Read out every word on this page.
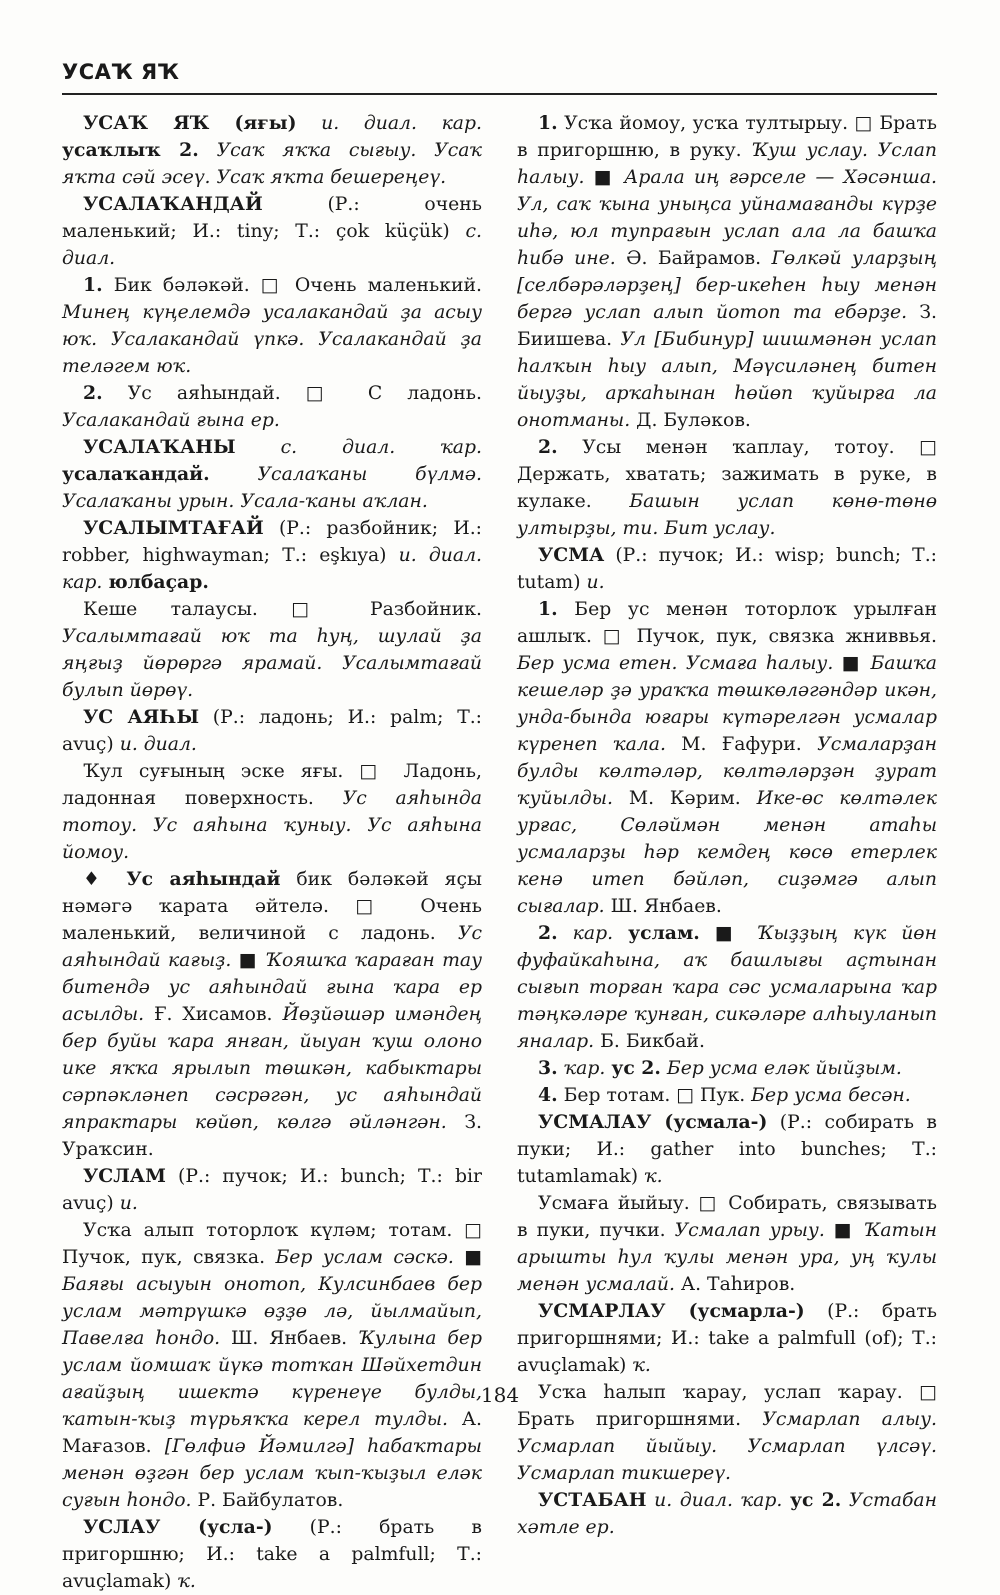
УСАҠ ЯҠ

УСАҠ ЯҠ (яғы) и. диал. кар. усаҡлыҡ 2. Усаҡ яҡҡа сығыу. Усаҡ яҡта сәй эсеү. Усаҡ яҡта бешереңеү.

УСАЛАҠАНДАЙ (Р.: очень маленький; И.: tiny; Т.: çok küçük) с. диал.

1. Бик бәләкәй. □ Очень маленький. Минең күңелемдә усалакандай ҙа асыу юҡ. Усалакандай үпкә. Усалакандай ҙа теләгем юҡ.

2. Ус аяһындай. □ С ладонь. Усалакандай ғына ер.

УСАЛАҠАНЫ с. диал. ҡар. усалаҡандай. Усалаҡаны бүлмә. Усалаҡаны урын. Усала-ҡаны аҡлан.

УСАЛЫМТАҒАЙ (Р.: разбойник; И.: robber, highwayman; Т.: eşkıya) и. диал. кар. юлбаҫар.

Кеше талаусы. □ Разбойник. Усалымтағай юҡ та һуң, шулай ҙа яңғыҙ йөрөргә ярамай. Усалымтағай булып йөрөү.

УС АЯҺЫ (Р.: ладонь; И.: palm; Т.: avuç) и. диал.

Ҡул суғының эске яғы. □ Ладонь, ладонная поверхность. Ус аяһында тотоу. Ус аяһына ҡуныу. Ус аяһына йомоу.

♦ Ус аяһындай бик бәләкәй яҫы нәмәгә ҡарата әйтелә. □ Очень маленький, величиной с ладонь. Ус аяһындай кағыҙ. ■ Ҡояшҡа ҡараған тау битендә ус аяһындай ғына ҡара ер асылды. Ғ. Хисамов. Йөҙйәшәр имәндең бер буйы ҡара янған, йыуан ҡуш олоно ике яҡҡа ярылып төшкән, кабыктары сәрпәкләнеп сәсрәгән, ус аяһындай япрактары көйөп, көлгә әйләнгән. З. Ураҡсин.

УСЛАМ (Р.: пучок; И.: bunch; Т.: bir avuç) и.

Усҡа алып тоторлоҡ күләм; тотам. □ Пучок, пук, связка. Бер услам сәскә. ■ Баяғы асыуын онотоп, Кулсинбаев бер услам мәтрүшкә өҙҙө лә, йылмайып, Павелға һондо. Ш. Янбаев. Ҡулына бер услам йомшаҡ йүкә тотҡан Шәйхетдин ағайҙың ишектә күренеүе булды, ҡатын-ҡыҙ түрьяҡҡа керел тулды. А. Мағазов. [Гөлфиә Йәмилгә] һабаҡтары менән өҙгән бер услам ҡып-ҡыҙыл еләк суғын һондо. Р. Байбулатов.

УСЛАУ (усла-) (Р.: брать в пригоршню; И.: take a palmfull; Т.: avuçlamak) ҡ.

1. Усҡа йомоу, усҡа тултырыу. □ Брать в пригоршню, в руку. Ҡуш услау. Услап һалыу. ■ Арала иң ғәрселе — Хәсәнша. Ул, саҡ ҡына уныңса уйнамағанды күрҙе иһә, юл тупрағын услап ала ла башҡа һибә ине. Ә. Байрамов. Гөлкәй уларҙың [селбәрәләрҙең] бер-икеһен һыу менән бергә услап алып йотоп та ебәрҙе. З. Биишева. Ул [Бибинур] шишмәнән услап һалҡын һыу алып, Мәүсиләнең битен йыуҙы, арҡаһынан һөйөп ҡуйырға ла онотманы. Д. Буләков.

2. Усы менән ҡаплау, тотоу. □ Держать, хватать; зажимать в руке, в кулаке. Башын услап көнө-төнө ултырҙы, ти. Бит услау.

УСМА (Р.: пучок; И.: wisp; bunch; Т.: tutam) и.

1. Бер ус менән тоторлоҡ урылған ашлыҡ. □ Пучок, пук, связка жниввья. Бер усма етен. Усмаға һалыу. ■ Башҡа кешеләр ҙә ураҡҡа төшкөләгәндәр икән, унда-бында юғары күтәрелгән усмалар күренеп ҡала. М. Ғафури. Усмаларҙан булды көлтәләр, көлтәләрҙән ҙурат ҡуйылды. М. Кәрим. Ике-өс көлтәлек урғас, Сөләймән менән атаһы усмаларҙы һәр кемдең көсө етерлек кенә итеп бәйләп, сиҙәмгә алып сығалар. Ш. Янбаев.

2. кар. услам. ■ Ҡыҙҙың күк йөн фуфайкаһына, аҡ башлығы аҫтынан сығып торған ҡара сәс усмаларына ҡар тәңкәләре ҡунған, сикәләре алһыуланып яналар. Б. Бикбай.

3. ҡар. ус 2. Бер усма еләк йыйҙым.

4. Бер тотам. □ Пук. Бер усма бесән.

УСМАЛАУ (усмала-) (Р.: собирать в пуки; И.: gather into bunches; Т.: tutamlamak) ҡ.

Усмаға йыйыу. □ Собирать, связывать в пуки, пучки. Усмалап урыу. ■ Ҡатын арышты һул ҡулы менән ура, уң ҡулы менән усмалай. А. Таһиров.

УСМАРЛАУ (усмарла-) (Р.: брать пригоршнями; И.: take a palmfull (of); Т.: avuçlamak) ҡ.

Усҡа һалып ҡарау, услап ҡарау. □ Брать пригоршнями. Усмарлап алыу. Усмарлап йыйыу. Усмарлап үлсәү. Усмарлап тикшереү.

УСТАБАН и. диал. ҡар. ус 2. Устабан хәтле ер.

184
